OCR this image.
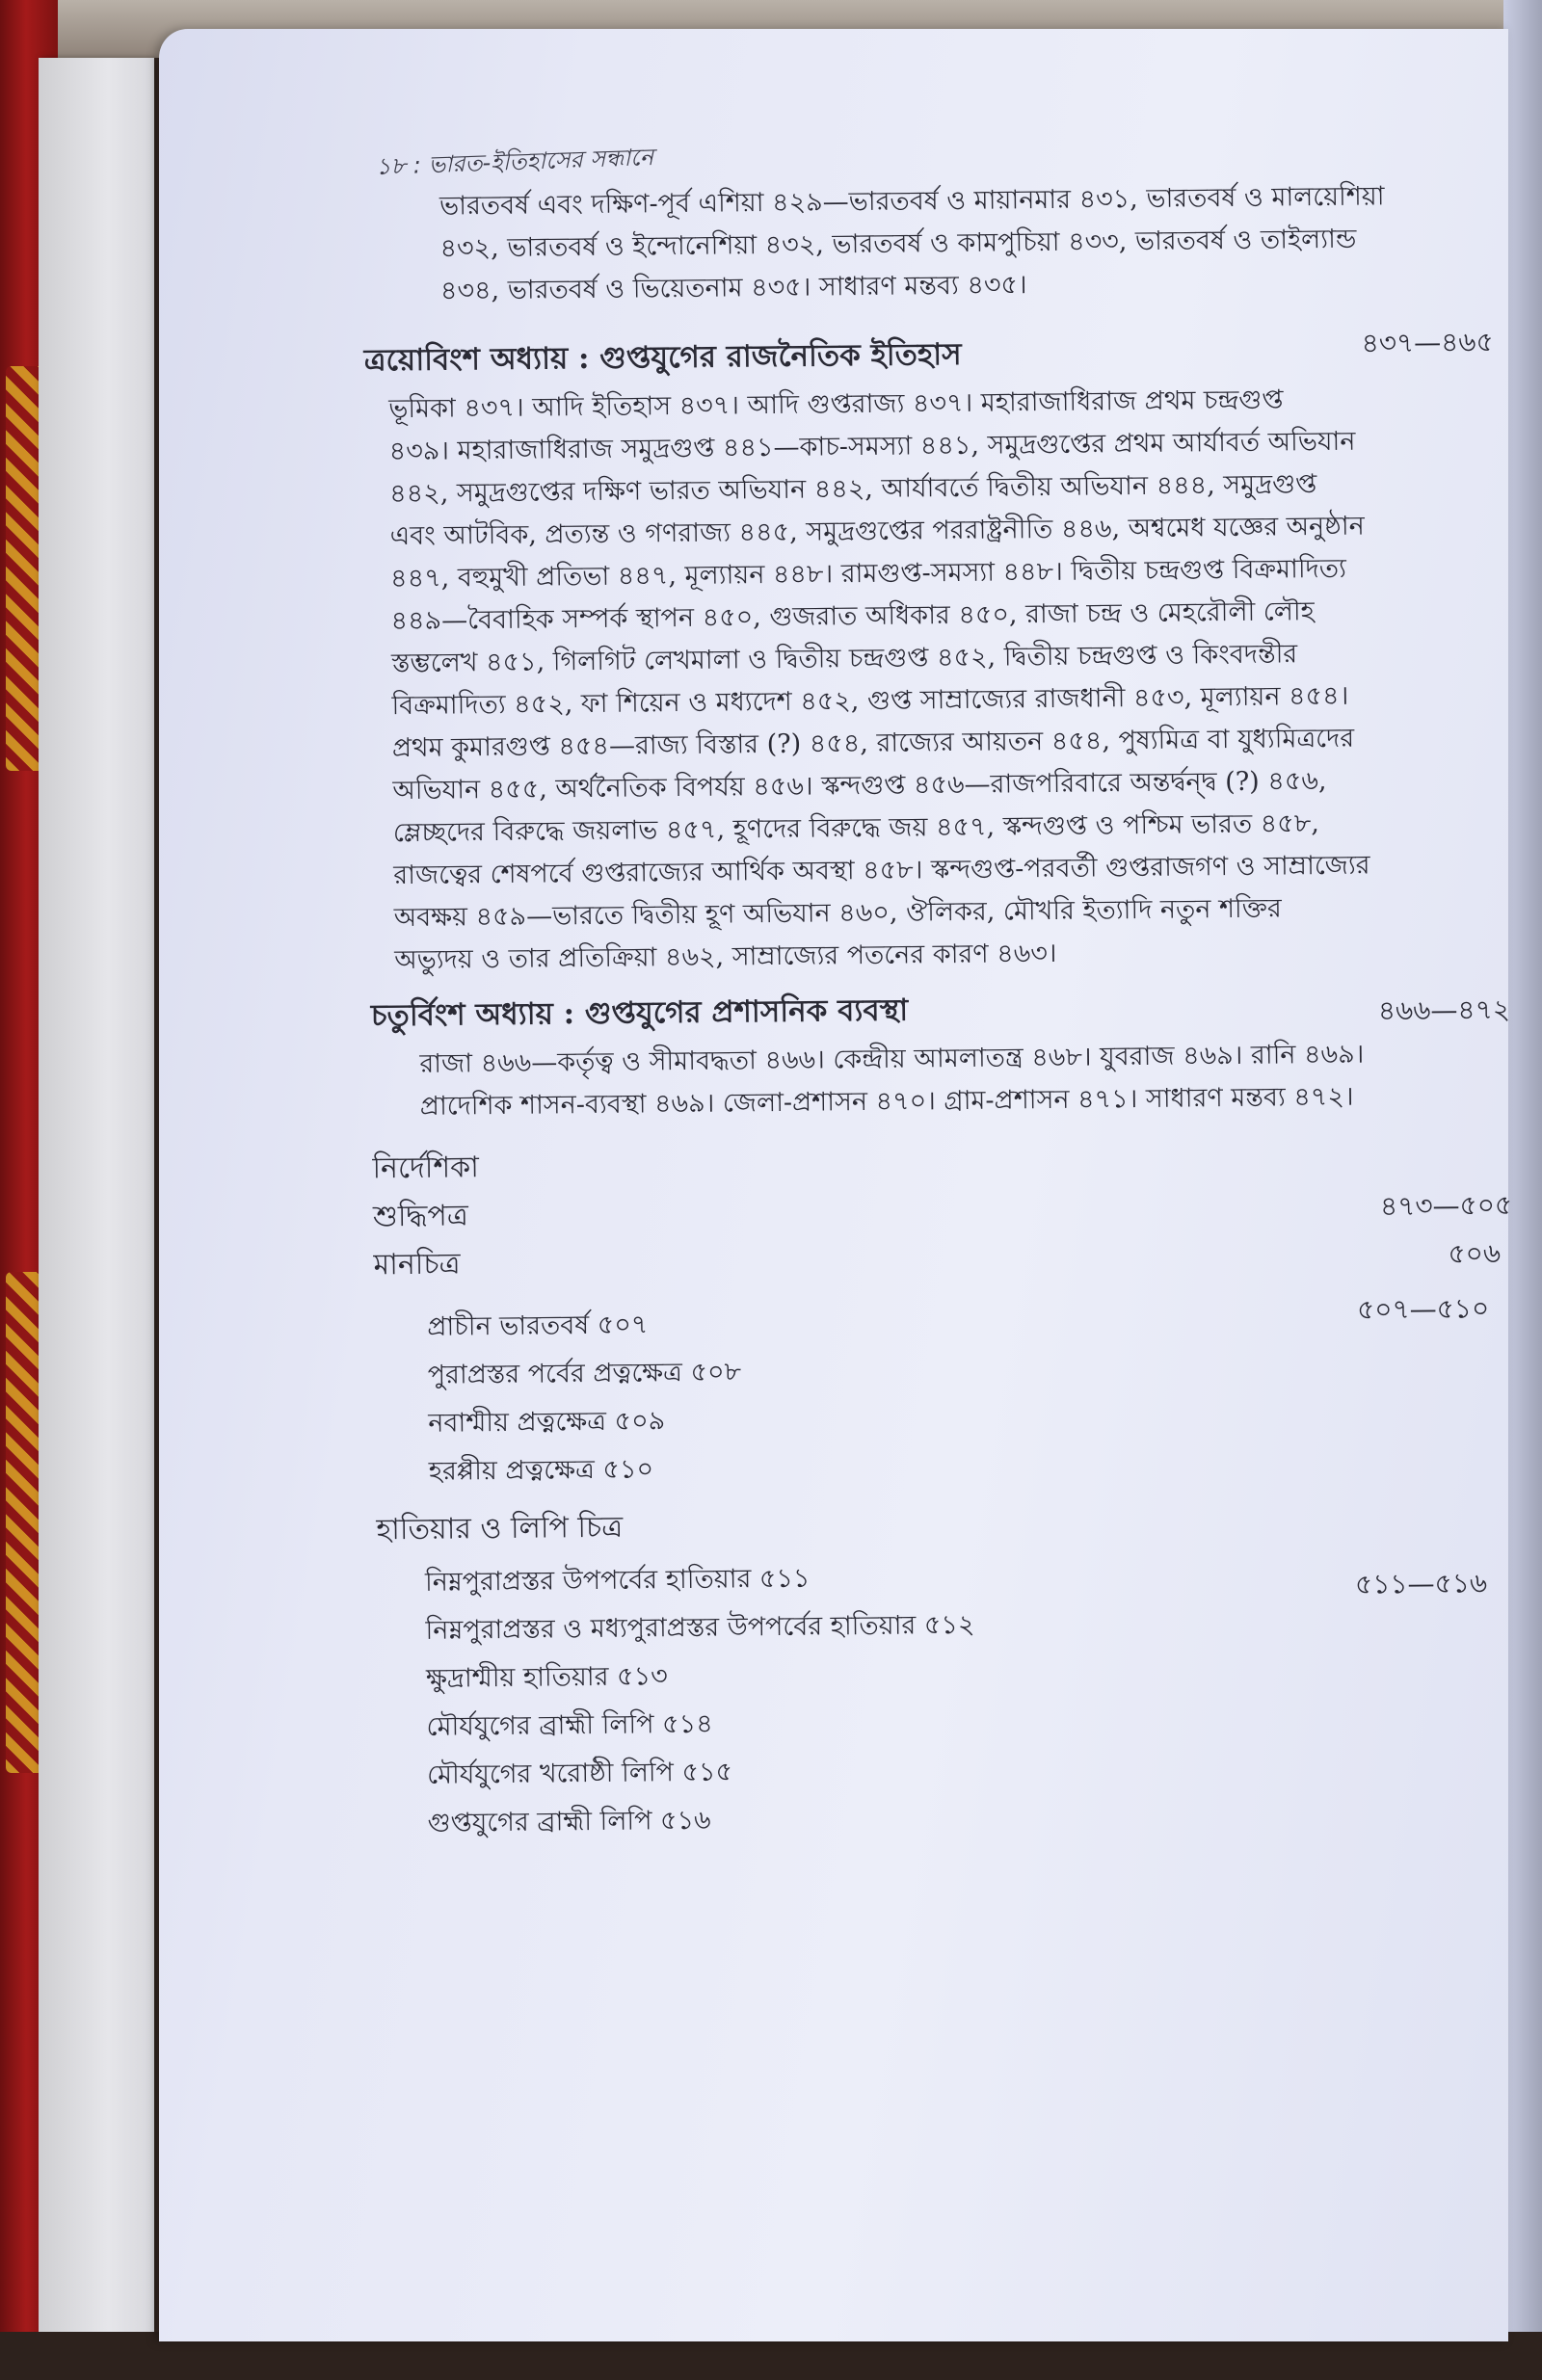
১৮ : ভারত-ইতিহাসের সন্ধানে
ভারতবর্ষ এবং দক্ষিণ-পূর্ব এশিয়া ৪২৯—ভারতবর্ষ ও মায়ানমার ৪৩১, ভারতবর্ষ ও মালয়েশিয়া
৪৩২, ভারতবর্ষ ও ইন্দোনেশিয়া ৪৩২, ভারতবর্ষ ও কামপুচিয়া ৪৩৩, ভারতবর্ষ ও তাইল্যান্ড
৪৩৪, ভারতবর্ষ ও ভিয়েতনাম ৪৩৫। সাধারণ মন্তব্য ৪৩৫।
ত্রয়োবিংশ অধ্যায় : গুপ্তযুগের রাজনৈতিক ইতিহাস	৪৩৭—৪৬৫
ভূমিকা ৪৩৭। আদি ইতিহাস ৪৩৭। আদি গুপ্তরাজ্য ৪৩৭। মহারাজাধিরাজ প্রথম চন্দ্রগুপ্ত
৪৩৯। মহারাজাধিরাজ সমুদ্রগুপ্ত ৪৪১—কাচ-সমস্যা ৪৪১, সমুদ্রগুপ্তের প্রথম আর্যাবর্ত অভিযান
৪৪২, সমুদ্রগুপ্তের দক্ষিণ ভারত অভিযান ৪৪২, আর্যাবর্তে দ্বিতীয় অভিযান ৪৪৪, সমুদ্রগুপ্ত
এবং আটবিক, প্রত্যন্ত ও গণরাজ্য ৪৪৫, সমুদ্রগুপ্তের পররাষ্ট্রনীতি ৪৪৬, অশ্বমেধ যজ্ঞের অনুষ্ঠান
৪৪৭, বহুমুখী প্রতিভা ৪৪৭, মূল্যায়ন ৪৪৮। রামগুপ্ত-সমস্যা ৪৪৮। দ্বিতীয় চন্দ্রগুপ্ত বিক্রমাদিত্য
৪৪৯—বৈবাহিক সম্পর্ক স্থাপন ৪৫০, গুজরাত অধিকার ৪৫০, রাজা চন্দ্র ও মেহরৌলী লৌহ
স্তম্ভলেখ ৪৫১, গিলগিট লেখমালা ও দ্বিতীয় চন্দ্রগুপ্ত ৪৫২, দ্বিতীয় চন্দ্রগুপ্ত ও কিংবদন্তীর
বিক্রমাদিত্য ৪৫২, ফা শিয়েন ও মধ্যদেশ ৪৫২, গুপ্ত সাম্রাজ্যের রাজধানী ৪৫৩, মূল্যায়ন ৪৫৪।
প্রথম কুমারগুপ্ত ৪৫৪—রাজ্য বিস্তার (?) ৪৫৪, রাজ্যের আয়তন ৪৫৪, পুষ্যমিত্র বা যুধ্যমিত্রদের
অভিযান ৪৫৫, অর্থনৈতিক বিপর্যয় ৪৫৬। স্কন্দগুপ্ত ৪৫৬—রাজপরিবারে অন্তর্দ্বন্দ্ব (?) ৪৫৬,
ম্লেচ্ছদের বিরুদ্ধে জয়লাভ ৪৫৭, হূণদের বিরুদ্ধে জয় ৪৫৭, স্কন্দগুপ্ত ও পশ্চিম ভারত ৪৫৮,
রাজত্বের শেষপর্বে গুপ্তরাজ্যের আর্থিক অবস্থা ৪৫৮। স্কন্দগুপ্ত-পরবর্তী গুপ্তরাজগণ ও সাম্রাজ্যের
অবক্ষয় ৪৫৯—ভারতে দ্বিতীয় হূণ অভিযান ৪৬০, ঔলিকর, মৌখরি ইত্যাদি নতুন শক্তির
অভ্যুদয় ও তার প্রতিক্রিয়া ৪৬২, সাম্রাজ্যের পতনের কারণ ৪৬৩।
চতুর্বিংশ অধ্যায় : গুপ্তযুগের প্রশাসনিক ব্যবস্থা	৪৬৬—৪৭২
রাজা ৪৬৬—কর্তৃত্ব ও সীমাবদ্ধতা ৪৬৬। কেন্দ্রীয় আমলাতন্ত্র ৪৬৮। যুবরাজ ৪৬৯। রানি ৪৬৯।
প্রাদেশিক শাসন-ব্যবস্থা ৪৬৯। জেলা-প্রশাসন ৪৭০। গ্রাম-প্রশাসন ৪৭১। সাধারণ মন্তব্য ৪৭২।
নির্দেশিকা
শুদ্ধিপত্র
মানচিত্র
৪৭৩—৫০৫
৫০৬
৫০৭—৫১০
প্রাচীন ভারতবর্ষ ৫০৭
পুরাপ্রস্তর পর্বের প্রত্নক্ষেত্র ৫০৮
নবাশ্মীয় প্রত্নক্ষেত্র ৫০৯
হরপ্পীয় প্রত্নক্ষেত্র ৫১০
হাতিয়ার ও লিপি চিত্র
৫১১—৫১৬
নিম্নপুরাপ্রস্তর উপপর্বের হাতিয়ার ৫১১
নিম্নপুরাপ্রস্তর ও মধ্যপুরাপ্রস্তর উপপর্বের হাতিয়ার ৫১২
ক্ষুদ্রাশ্মীয় হাতিয়ার ৫১৩
মৌর্যযুগের ব্রাহ্মী লিপি ৫১৪
মৌর্যযুগের খরোষ্ঠী লিপি ৫১৫
গুপ্তযুগের ব্রাহ্মী লিপি ৫১৬
